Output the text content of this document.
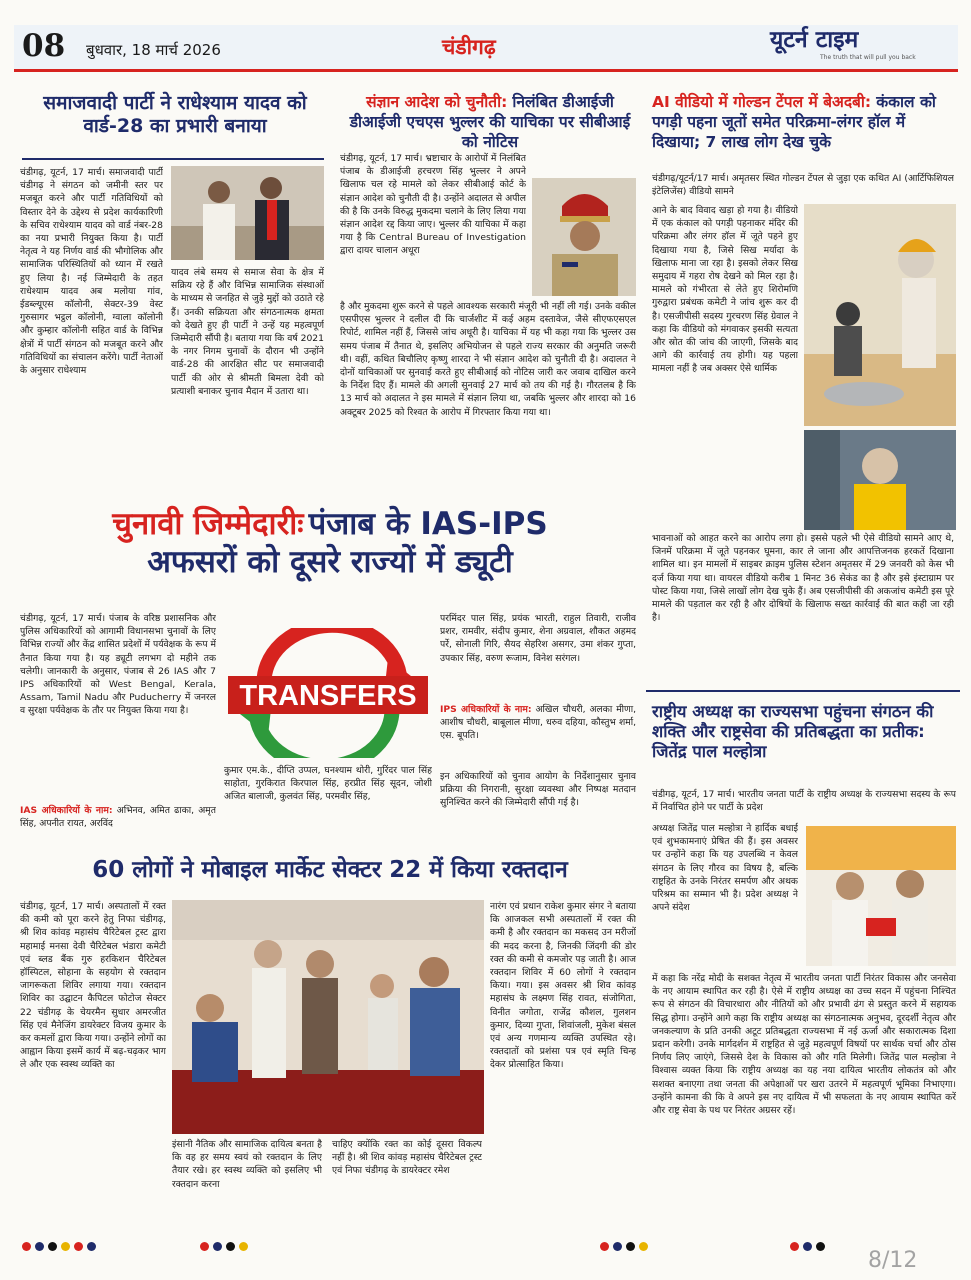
08 बुधवार, 18 मार्च 2026	चंडीगढ़	यूटर्न टाइम
The truth that will pull you back
समाजवादी पार्टी ने राधेश्याम यादव को वार्ड-28 का प्रभारी बनाया
चंडीगढ़, यूटर्न, 17 मार्च। समाजवादी पार्टी चंडीगढ़ ने संगठन को जमीनी स्तर पर मजबूत करने और पार्टी गतिविधियों को विस्तार देने के उद्देश्य से प्रदेश कार्यकारिणी के सचिव राधेश्याम यादव को वार्ड नंबर-28 का नया प्रभारी नियुक्त किया है। पार्टी नेतृत्व ने यह निर्णय वार्ड की भौगोलिक और सामाजिक परिस्थितियों को ध्यान में रखते हुए लिया है। नई जिम्मेदारी के तहत राधेश्याम यादव अब मलोया गांव, ईडब्ल्यूएस कॉलोनी, सेक्टर-39 वेस्ट गुरुसागर भट्ठल कॉलोनी, ग्वाला कॉलोनी और कुम्हार कॉलोनी सहित वार्ड के विभिन्न क्षेत्रों में पार्टी संगठन को मजबूत करने और गतिविधियों का संचालन करेंगे। पार्टी नेताओं के अनुसार राधेश्याम
यादव लंबे समय से समाज सेवा के क्षेत्र में सक्रिय रहे हैं और विभिन्न सामाजिक संस्थाओं के माध्यम से जनहित से जुड़े मुद्दों को उठाते रहे हैं। उनकी सक्रियता और संगठनात्मक क्षमता को देखते हुए ही पार्टी ने उन्हें यह महत्वपूर्ण जिम्मेदारी सौंपी है। बताया गया कि वर्ष 2021 के नगर निगम चुनावों के दौरान भी उन्होंने वार्ड-28 की आरक्षित सीट पर समाजवादी पार्टी की ओर से श्रीमती बिमला देवी को प्रत्याशी बनाकर चुनाव मैदान में उतारा था।
संज्ञान आदेश को चुनौती: निलंबित डीआईजी डीआईजी एचएस भुल्लर की याचिका पर सीबीआई को नोटिस
चंडीगढ़, यूटर्न, 17 मार्च। भ्रष्टाचार के आरोपों में निलंबित पंजाब के डीआईजी हरचरण सिंह भुल्लर ने अपने खिलाफ चल रहे मामले को लेकर सीबीआई कोर्ट के संज्ञान आदेश को चुनौती दी है। उन्होंने अदालत से अपील की है कि उनके विरुद्ध मुकदमा चलाने के लिए लिया गया संज्ञान आदेश रद्द किया जाए। भुल्लर की याचिका में कहा गया है कि Central Bureau of Investigation द्वारा दायर चालान अधूरा
है और मुकदमा शुरू करने से पहले आवश्यक सरकारी मंजूरी भी नहीं ली गई। उनके वकील एसपीएस भुल्लर ने दलील दी कि चार्जशीट में कई अहम दस्तावेज, जैसे सीएफएसएल रिपोर्ट, शामिल नहीं हैं, जिससे जांच अधूरी है। याचिका में यह भी कहा गया कि भुल्लर उस समय पंजाब में तैनात थे, इसलिए अभियोजन से पहले राज्य सरकार की अनुमति जरूरी थी। वहीं, कथित बिचौलिए कृष्णु शारदा ने भी संज्ञान आदेश को चुनौती दी है। अदालत ने दोनों याचिकाओं पर सुनवाई करते हुए सीबीआई को नोटिस जारी कर जवाब दाखिल करने के निर्देश दिए हैं। मामले की अगली सुनवाई 27 मार्च को तय की गई है। गौरतलब है कि 13 मार्च को अदालत ने इस मामले में संज्ञान लिया था, जबकि भुल्लर और शारदा को 16 अक्टूबर 2025 को रिश्वत के आरोप में गिरफ्तार किया गया था।
AI वीडियो में गोल्डन टेंपल में बेअदबी: कंकाल को पगड़ी पहना जूतों समेत परिक्रमा-लंगर हॉल में दिखाया; 7 लाख लोग देख चुके
चंडीगढ़/यूटर्न/17 मार्च। अमृतसर स्थित गोल्डन टेंपल से जुड़ा एक कथित AI (आर्टिफिशियल इंटेलिजेंस) वीडियो सामने
आने के बाद विवाद खड़ा हो गया है। वीडियो में एक कंकाल को पगड़ी पहनाकर मंदिर की परिक्रमा और लंगर हॉल में जूते पहने हुए दिखाया गया है, जिसे सिख मर्यादा के खिलाफ माना जा रहा है। इसको लेकर सिख समुदाय में गहरा रोष देखने को मिल रहा है। मामले को गंभीरता से लेते हुए शिरोमणि गुरुद्वारा प्रबंधक कमेटी ने जांच शुरू कर दी है। एसजीपीसी सदस्य गुरचरण सिंह ग्रेवाल ने कहा कि वीडियो को मंगवाकर इसकी सत्यता और स्रोत की जांच की जाएगी, जिसके बाद आगे की कार्रवाई तय होगी। यह पहला मामला नहीं है जब अक्सर ऐसे धार्मिक
भावनाओं को आहत करने का आरोप लगा हो। इससे पहले भी ऐसे वीडियो सामने आए थे, जिनमें परिक्रमा में जूते पहनकर घूमना, कार ले जाना और आपत्तिजनक हरकतें दिखाना शामिल था। इन मामलों में साइबर क्राइम पुलिस स्टेशन अमृतसर में 29 जनवरी को केस भी दर्ज किया गया था। वायरल वीडियो करीब 1 मिनट 36 सेकंड का है और इसे इंस्टाग्राम पर पोस्ट किया गया, जिसे लाखों लोग देख चुके हैं। अब एसजीपीसी की अकजांच कमेटी इस पूरे मामले की पड़ताल कर रही है और दोषियों के खिलाफ सख्त कार्रवाई की बात कही जा रही है।
चुनावी जिम्मेदारीः पंजाब के IAS-IPS
अफसरों को दूसरे राज्यों में ड्यूटी
चंडीगढ़, यूटर्न, 17 मार्च। पंजाब के वरिष्ठ प्रशासनिक और पुलिस अधिकारियों को आगामी विधानसभा चुनावों के लिए विभिन्न राज्यों और केंद्र शासित प्रदेशों में पर्यवेक्षक के रूप में तैनात किया गया है। यह ड्यूटी लगभग दो महीने तक चलेगी। जानकारी के अनुसार, पंजाब से 26 IAS और 7 IPS अधिकारियों को West Bengal, Kerala, Assam, Tamil Nadu और Puducherry में जनरल व सुरक्षा पर्यवेक्षक के तौर पर नियुक्त किया गया है।
IAS अधिकारियों के नाम: अभिनव, अमित ढाका, अमृत सिंह, अपनीत रायत, अरविंद
TRANSFERS
कुमार एम.के., दीप्ति उप्पल, घनश्याम थोरी, गुरिंदर पाल सिंह साहोता, गुरकिरात किरपाल सिंह, हरप्रीत सिंह सूदन, जोशी अजित बालाजी, कुलवंत सिंह, परमवीर सिंह,
परमिंदर पाल सिंह, प्रयंक भारती, राहुल तिवारी, राजीव प्रशर, रामवीर, संदीप कुमार, शेना अग्रवाल, शौकत अहमद पर्रे, सोनाली गिरि, सैयद सेहरिश असगर, उमा शंकर गुप्ता, उपकार सिंह, वरुण रूजाम, विनेश सरंगल।
IPS अधिकारियों के नाम: अखिल चौधरी, अलका मीणा, आशीष चौधरी, बाबूलाल मीणा, धरुव दहिया, कौस्तुभ शर्मा, एस. बूपति।
इन अधिकारियों को चुनाव आयोग के निर्देशानुसार चुनाव प्रक्रिया की निगरानी, सुरक्षा व्यवस्था और निष्पक्ष मतदान सुनिश्चित करने की जिम्मेदारी सौंपी गई है।
60 लोगों ने मोबाइल मार्केट सेक्टर 22 में किया रक्तदान
चंडीगढ़, यूटर्न, 17 मार्च। अस्पतालों में रक्त की कमी को पूरा करने हेतु निफा चंडीगढ़, श्री शिव कांवड़ महासंघ चैरिटेबल ट्रस्ट द्वारा महामाई मनसा देवी चैरिटेबल भंडारा कमेटी एवं ब्लड बैंक गुरु हरकिशन चैरिटेबल हॉस्पिटल, सोहाना के सहयोग से रक्तदान जागरूकता शिविर लगाया गया। रक्तदान शिविर का उद्घाटन कैपिटल फोटोज सेक्टर 22 चंडीगढ़ के चेयरमैन सुधार अमरजीत सिंह एवं मैनेजिंग डायरेक्टर विजय कुमार के कर कमलों द्वारा किया गया। उन्होंने लोगों का आह्वान किया इसमें कार्य में बढ़-चढ़कर भाग ले और एक स्वस्थ व्यक्ति का
इंसानी नैतिक और सामाजिक दायित्व बनता है कि वह हर समय स्वयं को रक्तदान के लिए तैयार रखे। हर स्वस्थ व्यक्ति को इसलिए भी रक्तदान करना
चाहिए क्योंकि रक्त का कोई दूसरा विकल्प नहीं है। श्री शिव कांवड़ महासंघ चैरिटेबल ट्रस्ट एवं निफा चंडीगढ़ के डायरेक्टर रमेश
नारंग एवं प्रधान राकेश कुमार संगर ने बताया कि आजकल सभी अस्पतालों में रक्त की कमी है और रक्तदान का मकसद उन मरीजों की मदद करना है, जिनकी जिंदगी की डोर रक्त की कमी से कमजोर पड़ जाती है। आज रक्तदान शिविर में 60 लोगों ने रक्तदान किया। गया। इस अवसर श्री शिव कांवड़ महासंघ के लक्ष्मण सिंह रावत, संजोगिता, विनीत जगोता, राजेंद्र कौशल, गुलशन कुमार, दिव्या गुप्ता, शिवांजली, मुकेश बंसल एवं अन्य गणमान्य व्यक्ति उपस्थित रहे। रक्तदातों को प्रशंसा पत्र एवं स्मृति चिन्ह देकर प्रोत्साहित किया।
राष्ट्रीय अध्यक्ष का राज्यसभा पहुंचना संगठन की शक्ति और राष्ट्रसेवा की प्रतिबद्धता का प्रतीक: जितेंद्र पाल मल्होत्रा
चंडीगढ़, यूटर्न, 17 मार्च। भारतीय जनता पार्टी के राष्ट्रीय अध्यक्ष के राज्यसभा सदस्य के रूप में निर्वाचित होने पर पार्टी के प्रदेश
अध्यक्ष जितेंद्र पाल मल्होत्रा ने हार्दिक बधाई एवं शुभकामनाएं प्रेषित की हैं। इस अवसर पर उन्होंने कहा कि यह उपलब्धि न केवल संगठन के लिए गौरव का विषय है, बल्कि राष्ट्रहित के उनके निरंतर समर्पण और अथक परिश्रम का सम्मान भी है। प्रदेश अध्यक्ष ने अपने संदेश
में कहा कि नरेंद्र मोदी के सशक्त नेतृत्व में भारतीय जनता पार्टी निरंतर विकास और जनसेवा के नए आयाम स्थापित कर रही है। ऐसे में राष्ट्रीय अध्यक्ष का उच्च सदन में पहुंचना निश्चित रूप से संगठन की विचारधारा और नीतियों को और प्रभावी ढंग से प्रस्तुत करने में सहायक सिद्ध होगा। उन्होंने आगे कहा कि राष्ट्रीय अध्यक्ष का संगठनात्मक अनुभव, दूरदर्शी नेतृत्व और जनकल्याण के प्रति उनकी अटूट प्रतिबद्धता राज्यसभा में नई ऊर्जा और सकारात्मक दिशा प्रदान करेगी। उनके मार्गदर्शन में राष्ट्रहित से जुड़े महत्वपूर्ण विषयों पर सार्थक चर्चा और ठोस निर्णय लिए जाएंगे, जिससे देश के विकास को और गति मिलेगी। जितेंद्र पाल मल्होत्रा ने विश्वास व्यक्त किया कि राष्ट्रीय अध्यक्ष का यह नया दायित्व भारतीय लोकतंत्र को और सशक्त बनाएगा तथा जनता की अपेक्षाओं पर खरा उतरने में महत्वपूर्ण भूमिका निभाएगा। उन्होंने कामना की कि वे अपने इस नए दायित्व में भी सफलता के नए आयाम स्थापित करें और राष्ट्र सेवा के पथ पर निरंतर अग्रसर रहें।
8/12
